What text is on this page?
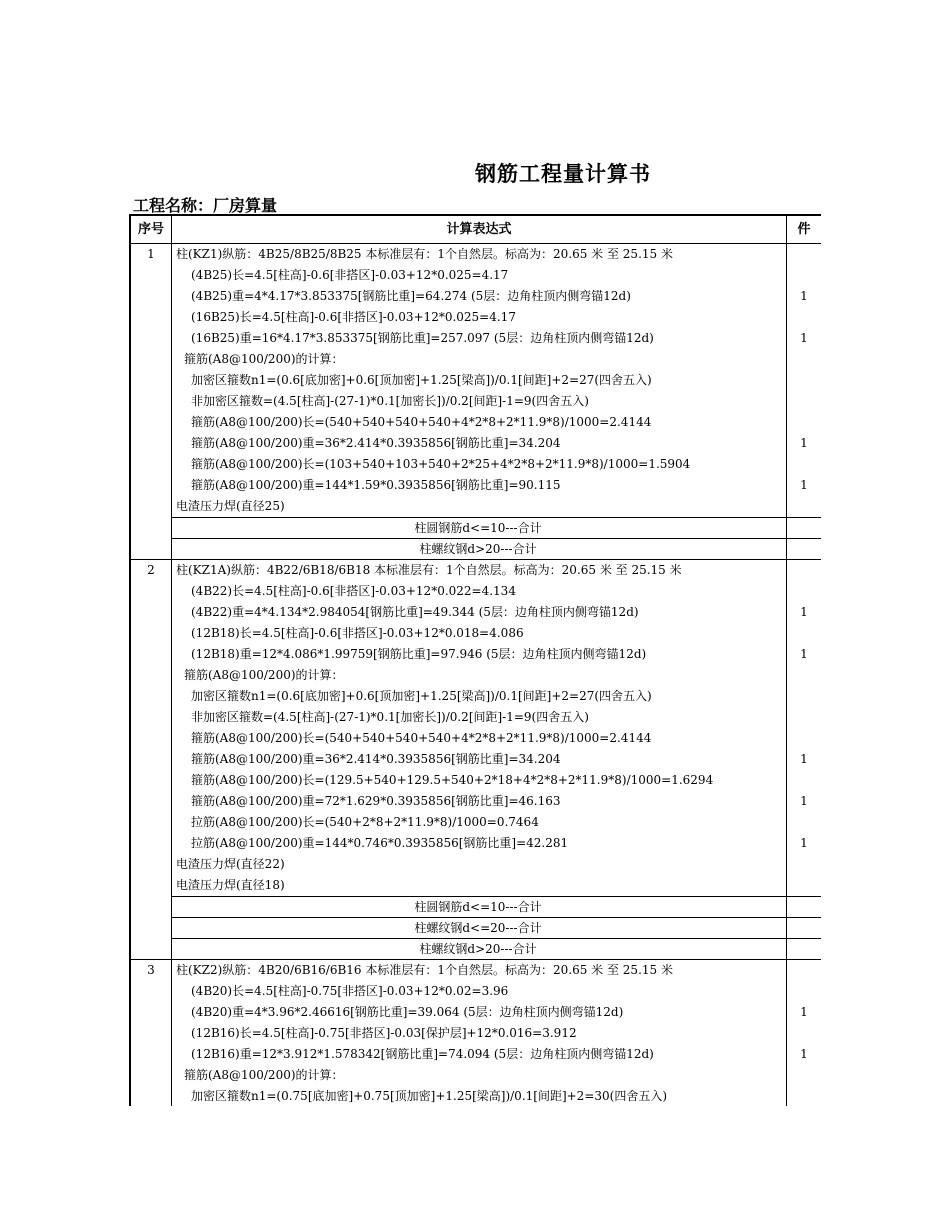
钢筋工程量计算书
工程名称：厂房算量
序号	计算表达式	件
1	柱(KZ1)纵筋：4B25/8B25/8B25 本标准层有：1个自然层。标高为：20.65 米 至 25.15 米
(4B25)长=4.5[柱高]-0.6[非搭区]-0.03+12*0.025=4.17
(4B25)重=4*4.17*3.853375[钢筋比重]=64.274 (5层：边角柱顶内侧弯锚12d)	1
(16B25)长=4.5[柱高]-0.6[非搭区]-0.03+12*0.025=4.17
(16B25)重=16*4.17*3.853375[钢筋比重]=257.097 (5层：边角柱顶内侧弯锚12d)	1
箍筋(A8@100/200)的计算：
加密区箍数n1=(0.6[底加密]+0.6[顶加密]+1.25[梁高])/0.1[间距]+2=27(四舍五入)
非加密区箍数=(4.5[柱高]-(27-1)*0.1[加密长])/0.2[间距]-1=9(四舍五入)
箍筋(A8@100/200)长=(540+540+540+540+4*2*8+2*11.9*8)/1000=2.4144
箍筋(A8@100/200)重=36*2.414*0.3935856[钢筋比重]=34.204	1
箍筋(A8@100/200)长=(103+540+103+540+2*25+4*2*8+2*11.9*8)/1000=1.5904
箍筋(A8@100/200)重=144*1.59*0.3935856[钢筋比重]=90.115	1
电渣压力焊(直径25)
柱圆钢筋d<=10---合计
柱螺纹钢d>20---合计
2	柱(KZ1A)纵筋：4B22/6B18/6B18 本标准层有：1个自然层。标高为：20.65 米 至 25.15 米
(4B22)长=4.5[柱高]-0.6[非搭区]-0.03+12*0.022=4.134
(4B22)重=4*4.134*2.984054[钢筋比重]=49.344 (5层：边角柱顶内侧弯锚12d)	1
(12B18)长=4.5[柱高]-0.6[非搭区]-0.03+12*0.018=4.086
(12B18)重=12*4.086*1.99759[钢筋比重]=97.946 (5层：边角柱顶内侧弯锚12d)	1
箍筋(A8@100/200)的计算：
加密区箍数n1=(0.6[底加密]+0.6[顶加密]+1.25[梁高])/0.1[间距]+2=27(四舍五入)
非加密区箍数=(4.5[柱高]-(27-1)*0.1[加密长])/0.2[间距]-1=9(四舍五入)
箍筋(A8@100/200)长=(540+540+540+540+4*2*8+2*11.9*8)/1000=2.4144
箍筋(A8@100/200)重=36*2.414*0.3935856[钢筋比重]=34.204	1
箍筋(A8@100/200)长=(129.5+540+129.5+540+2*18+4*2*8+2*11.9*8)/1000=1.6294
箍筋(A8@100/200)重=72*1.629*0.3935856[钢筋比重]=46.163	1
拉筋(A8@100/200)长=(540+2*8+2*11.9*8)/1000=0.7464
拉筋(A8@100/200)重=144*0.746*0.3935856[钢筋比重]=42.281	1
电渣压力焊(直径22)
电渣压力焊(直径18)
柱圆钢筋d<=10---合计
柱螺纹钢d<=20---合计
柱螺纹钢d>20---合计
3	柱(KZ2)纵筋：4B20/6B16/6B16 本标准层有：1个自然层。标高为：20.65 米 至 25.15 米
(4B20)长=4.5[柱高]-0.75[非搭区]-0.03+12*0.02=3.96
(4B20)重=4*3.96*2.46616[钢筋比重]=39.064 (5层：边角柱顶内侧弯锚12d)	1
(12B16)长=4.5[柱高]-0.75[非搭区]-0.03[保护层]+12*0.016=3.912
(12B16)重=12*3.912*1.578342[钢筋比重]=74.094 (5层：边角柱顶内侧弯锚12d)	1
箍筋(A8@100/200)的计算：
加密区箍数n1=(0.75[底加密]+0.75[顶加密]+1.25[梁高])/0.1[间距]+2=30(四舍五入)
